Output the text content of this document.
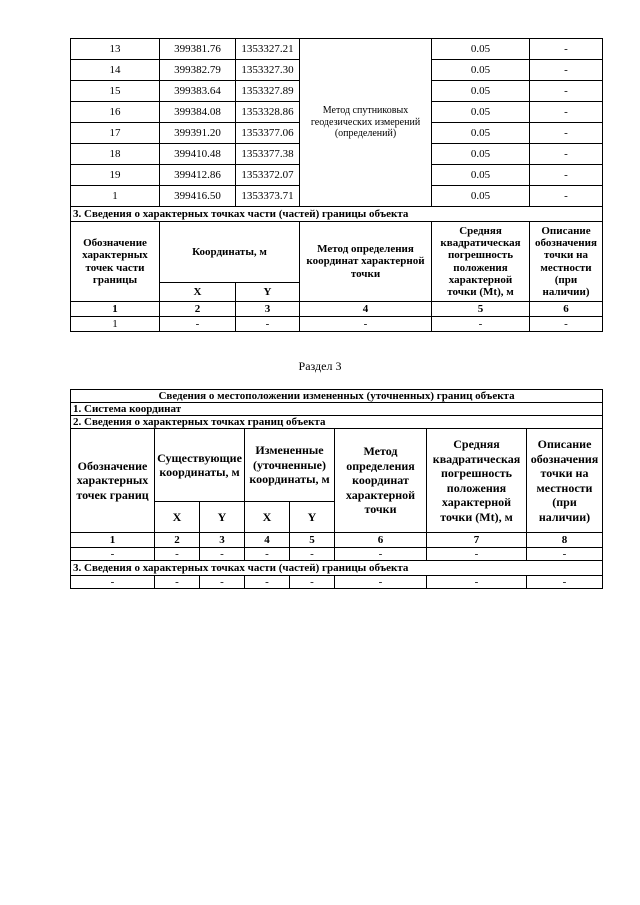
13	399381.76	1353327.21	Метод спутниковых геодезических измерений (определений)	0.05	-
14	399382.79	1353327.30		0.05	-
15	399383.64	1353327.89		0.05	-
16	399384.08	1353328.86		0.05	-
17	399391.20	1353377.06		0.05	-
18	399410.48	1353377.38		0.05	-
19	399412.86	1353372.07		0.05	-
1	399416.50	1353373.71		0.05	-
3. Сведения о характерных точках части (частей) границы объекта					
Обозначение характерных точек части границы	Координаты, м		Метод определения координат характерной точки	Средняя квадратическая погрешность положения характерной точки (Mt), м	Описание обозначения точки на местности (при наличии)
	X	Y			
1	2	3	4	5	6
1	-	-	-	-	-
Раздел 3
Сведения о местоположении измененных (уточненных) границ объекта							
1. Система координат							
2. Сведения о характерных точках границ объекта							
Обозначение характерных точек границ	Существующие координаты, м		Измененные (уточненные) координаты, м		Метод определения координат характерной точки	Средняя квадратическая погрешность положения характерной точки (Mt), м	Описание обозначения точки на местности (при наличии)
	X	Y	X	Y			
1	2	3	4	5	6	7	8
-	-	-	-	-	-	-	-
3. Сведения о характерных точках части (частей) границы объекта							
-	-	-	-	-	-	-	-
